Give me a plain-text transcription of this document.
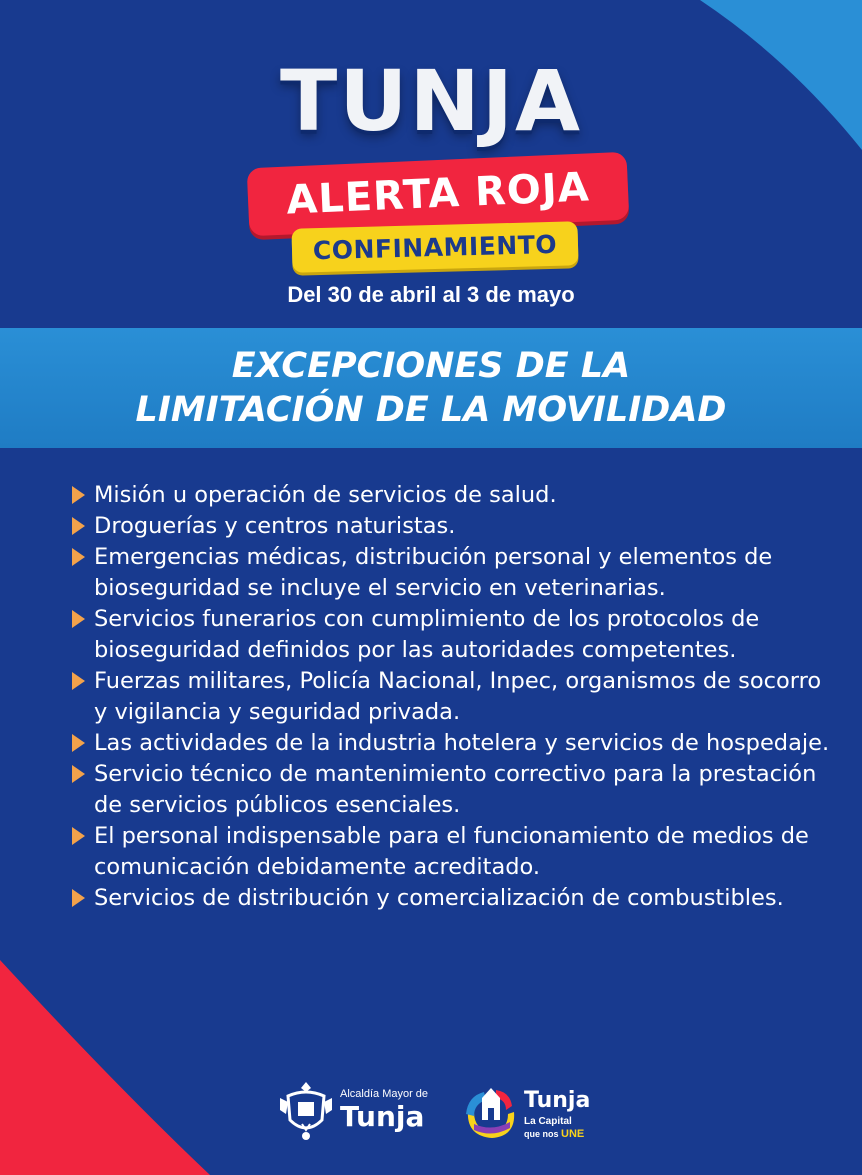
TUNJA
ALERTA ROJA
CONFINAMIENTO
Del 30 de abril al 3 de mayo
EXCEPCIONES DE LA
LIMITACIÓN DE LA MOVILIDAD
Misión u operación de servicios de salud.
Droguerías y centros naturistas.
Emergencias médicas, distribución personal y elementos de bioseguridad se incluye el servicio en veterinarias.
Servicios funerarios con cumplimiento de los protocolos de bioseguridad definidos por las autoridades competentes.
Fuerzas militares, Policía Nacional, Inpec, organismos de socorro y vigilancia y seguridad privada.
Las actividades de la industria hotelera y servicios de hospedaje.
Servicio técnico de mantenimiento correctivo para la prestación de servicios públicos esenciales.
El personal indispensable para el funcionamiento de medios de comunicación debidamente acreditado.
Servicios de distribución y comercialización de combustibles.
Alcaldía Mayor de
Tunja	Tunja
La Capital
que nos UNE
